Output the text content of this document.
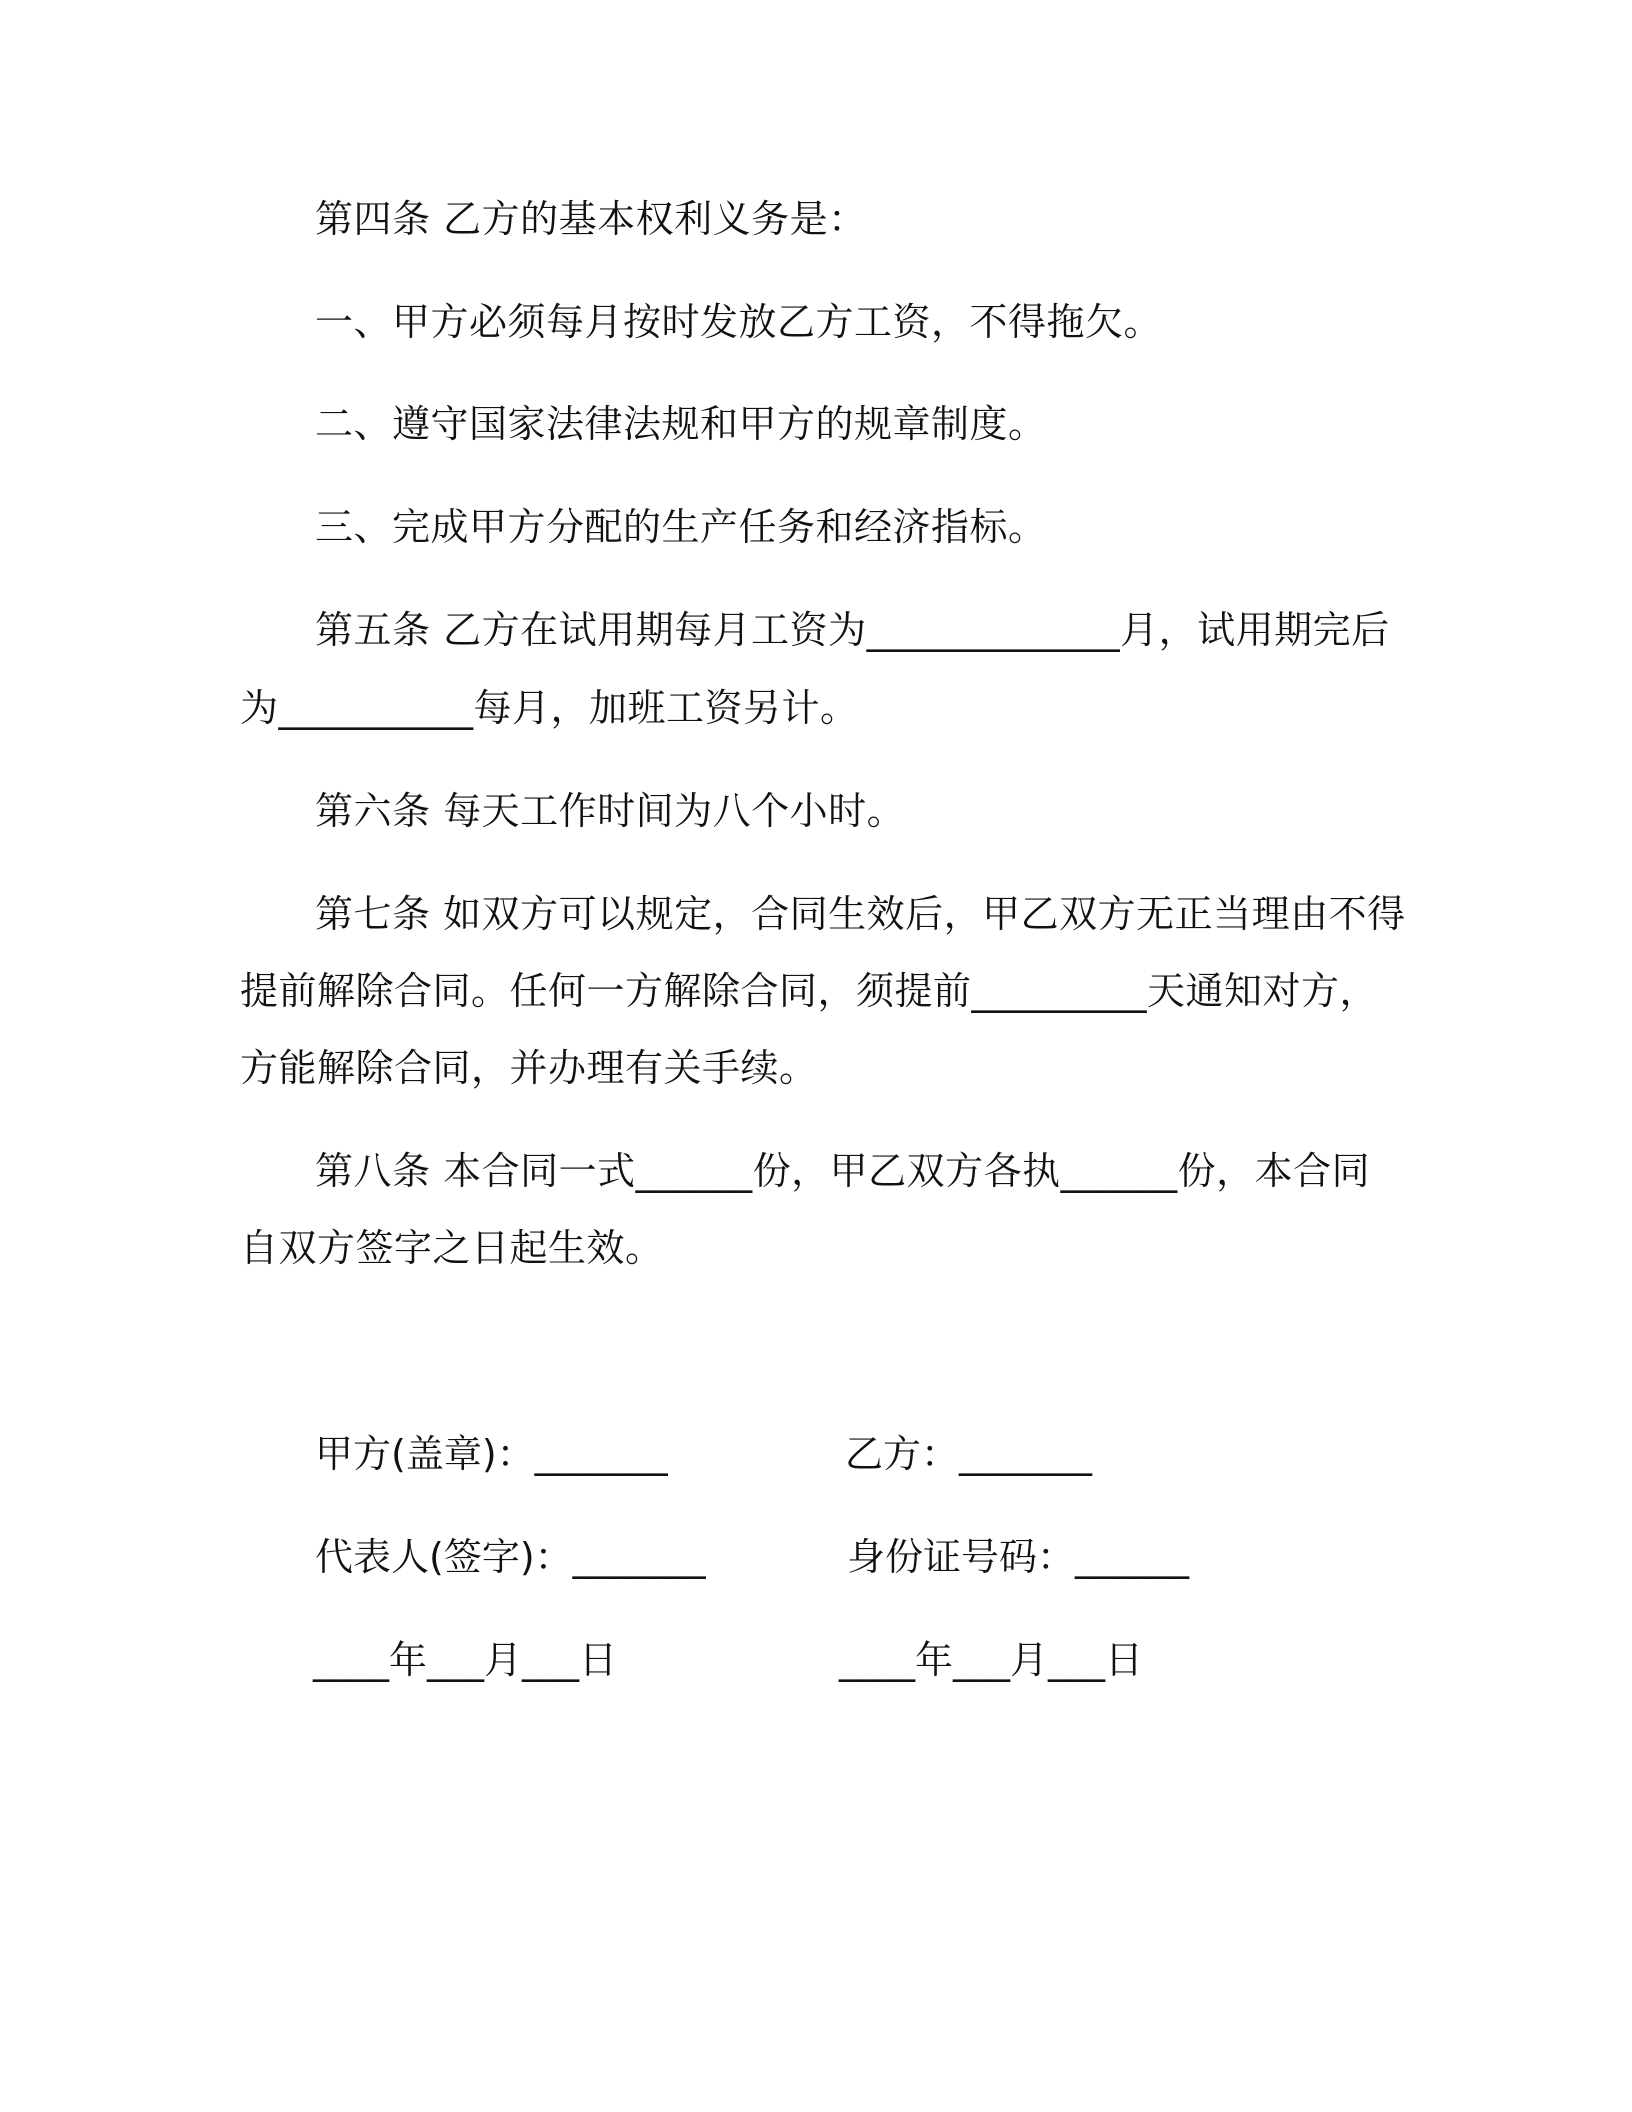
第四条 乙方的基本权利义务是：
一、甲方必须每月按时发放乙方工资，不得拖欠。
二、遵守国家法律法规和甲方的规章制度。
三、完成甲方分配的生产任务和经济指标。
第五条 乙方在试用期每月工资为_____________月，试用期完后
为__________每月，加班工资另计。
第六条 每天工作时间为八个小时。
第七条 如双方可以规定，合同生效后，甲乙双方无正当理由不得
提前解除合同。任何一方解除合同，须提前_________天通知对方，
方能解除合同，并办理有关手续。
第八条 本合同一式______份，甲乙双方各执______份，本合同
自双方签字之日起生效。
甲方(盖章)：_______	乙方：_______
代表人(签字)：_______	身份证号码：______
____年___月___日	____年___月___日
